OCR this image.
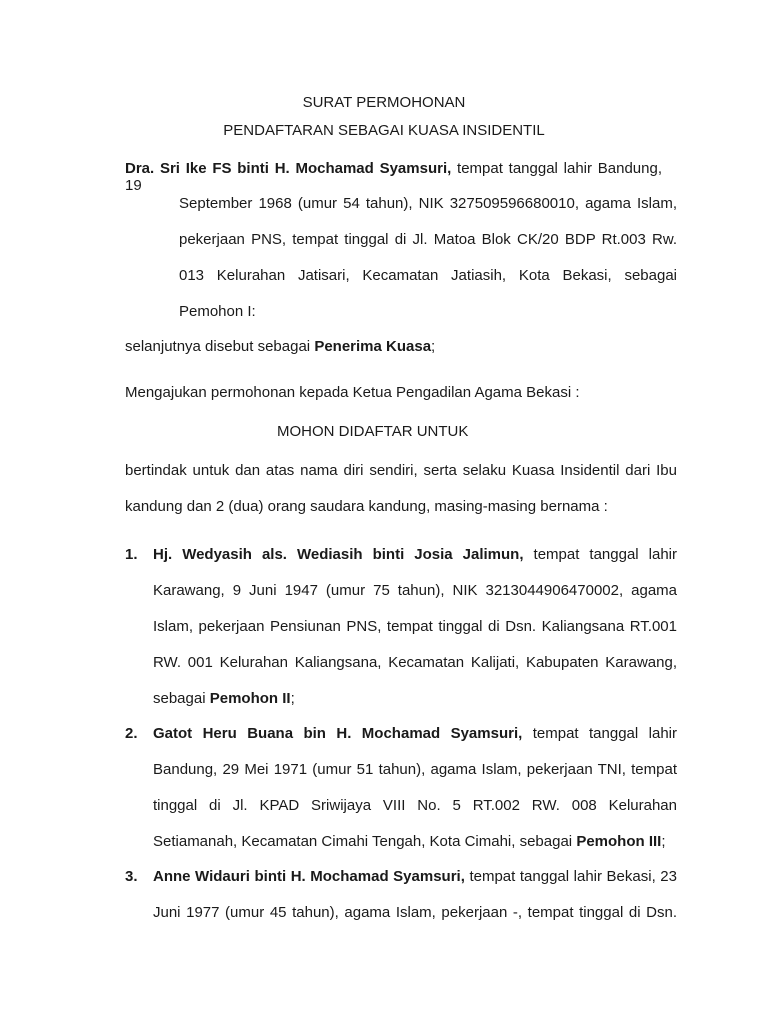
SURAT PERMOHONAN
PENDAFTARAN SEBAGAI KUASA INSIDENTIL
Dra. Sri Ike FS binti H. Mochamad Syamsuri, tempat tanggal lahir Bandung, 19
September 1968 (umur 54 tahun), NIK 327509596680010, agama Islam,
pekerjaan PNS, tempat tinggal di Jl. Matoa Blok CK/20 BDP Rt.003 Rw.
013 Kelurahan Jatisari, Kecamatan Jatiasih, Kota Bekasi, sebagai
Pemohon I:
selanjutnya disebut sebagai Penerima Kuasa;
Mengajukan permohonan kepada Ketua Pengadilan Agama Bekasi :
MOHON DIDAFTAR UNTUK
bertindak untuk dan atas nama diri sendiri, serta selaku Kuasa Insidentil dari Ibu
kandung dan 2 (dua) orang saudara kandung, masing-masing bernama :
1. Hj. Wedyasih als. Wediasih binti Josia Jalimun, tempat tanggal lahir
Karawang, 9 Juni 1947 (umur 75 tahun), NIK 3213044906470002, agama
Islam, pekerjaan Pensiunan PNS, tempat tinggal di Dsn. Kaliangsana RT.001
RW. 001 Kelurahan Kaliangsana, Kecamatan Kalijati, Kabupaten Karawang,
sebagai Pemohon II;
2. Gatot Heru Buana bin H. Mochamad Syamsuri, tempat tanggal lahir
Bandung, 29 Mei 1971 (umur 51 tahun), agama Islam, pekerjaan TNI, tempat
tinggal di Jl. KPAD Sriwijaya VIII No. 5 RT.002 RW. 008 Kelurahan
Setiamanah, Kecamatan Cimahi Tengah, Kota Cimahi, sebagai Pemohon III;
3. Anne Widauri binti H. Mochamad Syamsuri, tempat tanggal lahir Bekasi, 23
Juni 1977 (umur 45 tahun), agama Islam, pekerjaan -, tempat tinggal di Dsn.
